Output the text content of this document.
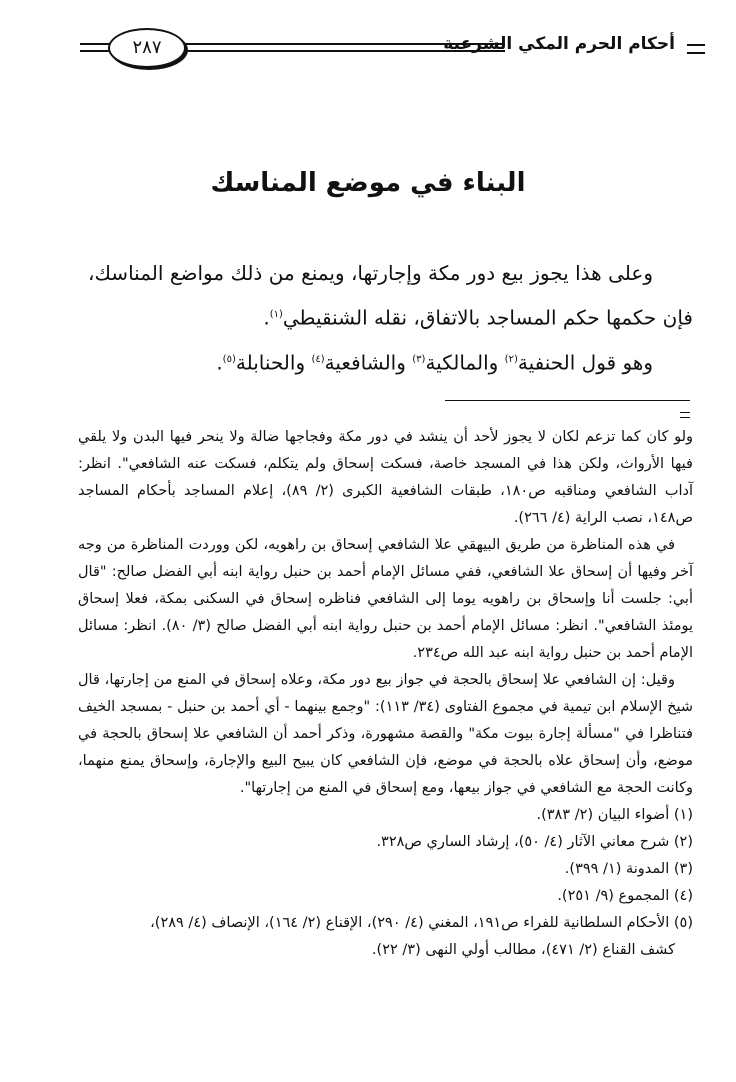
أحكام الحرم المكي الشرعية
٢٨٧
البناء في موضع المناسك

وعلى هذا يجوز بيع دور مكة وإجارتها، ويمنع من ذلك مواضع المناسك،

فإن حكمها حكم المساجد بالاتفاق، نقله الشنقيطي$^{(١)}$.

وهو قول الحنفية$^{(٢)}$ والمالكية$^{(٣)}$ والشافعية$^{(٤)}$ والحنابلة$^{(٥)}$.

ولو كان كما تزعم لكان لا يجوز لأحد أن ينشد في دور مكة وفجاجها ضالة ولا ينحر فيها البدن ولا يلقي فيها الأرواث، ولكن هذا في المسجد خاصة، فسكت إسحاق ولم يتكلم، فسكت عنه الشافعي". انظر: آداب الشافعي ومناقبه ص١٨٠، طبقات الشافعية الكبرى (٢/ ٨٩)، إعلام المساجد بأحكام المساجد ص١٤٨، نصب الراية (٤/ ٢٦٦).

في هذه المناظرة من طريق البيهقي علا الشافعي إسحاق بن راهويه، لكن ووردت المناظرة من وجه آخر وفيها أن إسحاق علا الشافعي، ففي مسائل الإمام أحمد بن حنبل رواية ابنه أبي الفضل صالح: "قال أبي: جلست أنا وإسحاق بن راهويه يوما إلى الشافعي فناظره إسحاق في السكنى بمكة، فعلا إسحاق يومئذ الشافعي". انظر: مسائل الإمام أحمد بن حنبل رواية ابنه أبي الفضل صالح (٣/ ٨٠). انظر: مسائل الإمام أحمد بن حنبل رواية ابنه عبد الله ص٢٣٤.

وقيل: إن الشافعي علا إسحاق بالحجة في جواز بيع دور مكة، وعلاه إسحاق في المنع من إجارتها، قال شيخ الإسلام ابن تيمية في مجموع الفتاوى (٣٤/ ١١٣): "وجمع بينهما - أي أحمد بن حنبل - بمسجد الخيف فتناظرا في "مسألة إجارة بيوت مكة" والقصة مشهورة، وذكر أحمد أن الشافعي علا إسحاق بالحجة في موضع، وأن إسحاق علاه بالحجة في موضع، فإن الشافعي كان يبيح البيع والإجارة، وإسحاق يمنع منهما، وكانت الحجة مع الشافعي في جواز بيعها، ومع إسحاق في المنع من إجارتها".

(١) أضواء البيان (٢/ ٣٨٣).

(٢) شرح معاني الآثار (٤/ ٥٠)، إرشاد الساري ص٣٢٨.

(٣) المدونة (١/ ٣٩٩).

(٤) المجموع (٩/ ٢٥١).

(٥) الأحكام السلطانية للفراء ص١٩١، المغني (٤/ ٢٩٠)، الإقناع (٢/ ١٦٤)، الإنصاف (٤/ ٢٨٩)،

كشف القناع (٢/ ٤٧١)، مطالب أولي النهى (٣/ ٢٢).
